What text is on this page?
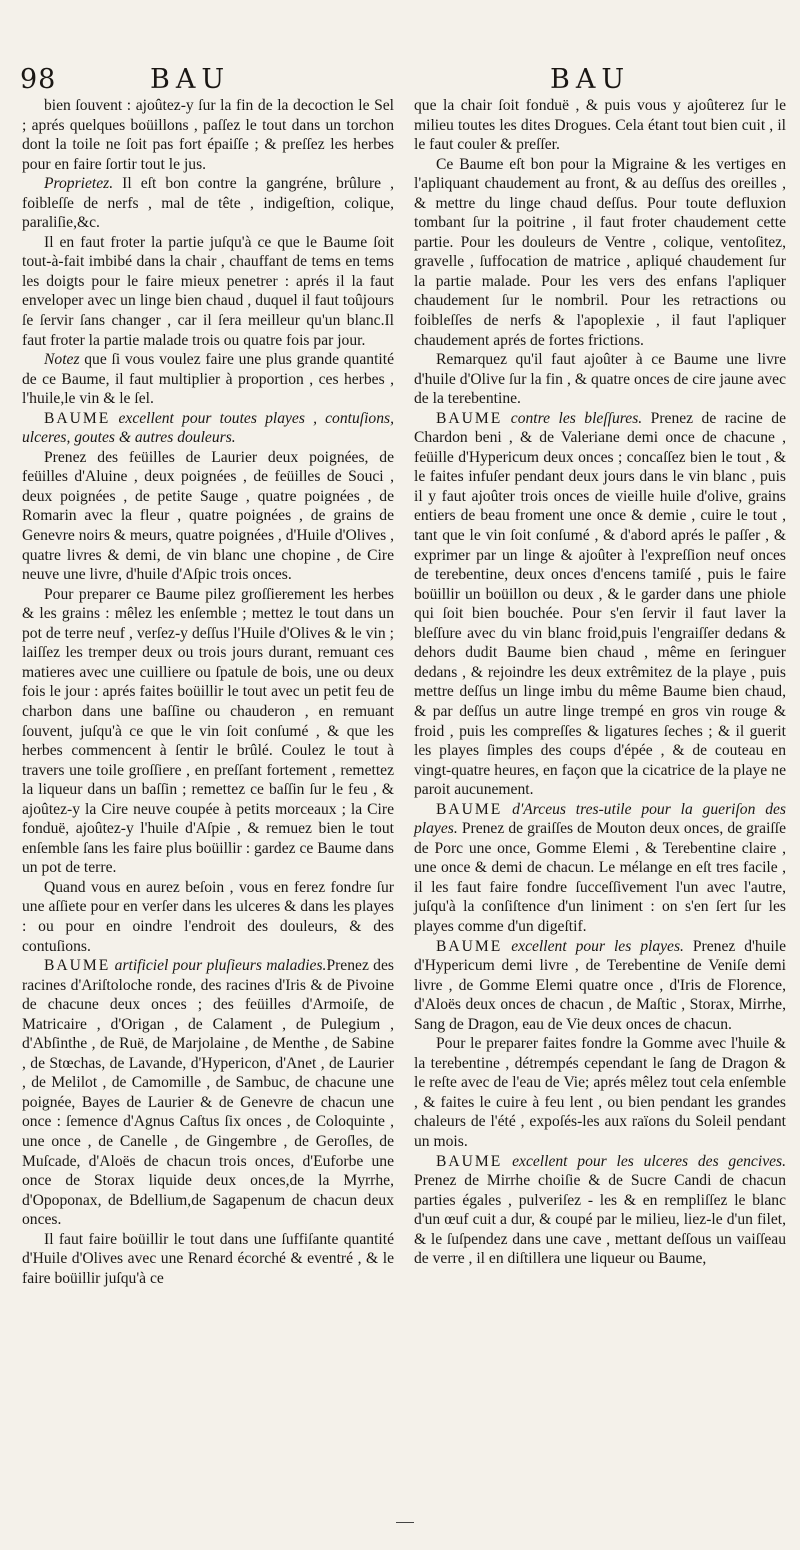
98	BAU	BAU

bien ſouvent : ajoûtez-y ſur la fin de la decoction le Sel ; aprés quelques boüillons , paſſez le tout dans un torchon dont la toile ne ſoit pas fort épaiſſe ; & preſſez les herbes pour en faire ſortir tout le jus.

Proprietez. Il eſt bon contre la gangréne, brûlure , foibleſſe de nerfs , mal de tête , indigeſtion, colique, paraliſie,&c.

Il en faut froter la partie juſqu'à ce que le Baume ſoit tout-à-fait imbibé dans la chair , chauffant de tems en tems les doigts pour le faire mieux penetrer : aprés il la faut enveloper avec un linge bien chaud , duquel il faut toûjours ſe ſervir ſans changer , car il ſera meilleur qu'un blanc.Il faut froter la partie malade trois ou quatre fois par jour.

Notez que ſi vous voulez faire une plus grande quantité de ce Baume, il faut multiplier à proportion , ces herbes , l'huile,le vin & le ſel.

BAUME excellent pour toutes playes , contuſions, ulceres, goutes & autres douleurs.

Prenez des feüilles de Laurier deux poignées, de feüilles d'Aluine , deux poignées , de feüilles de Souci , deux poignées , de petite Sauge , quatre poignées , de Romarin avec la fleur , quatre poignées , de grains de Genevre noirs & meurs, quatre poignées , d'Huile d'Olives , quatre livres & demi, de vin blanc une chopine , de Cire neuve une livre, d'huile d'Aſpic trois onces.

Pour preparer ce Baume pilez groſſierement les herbes & les grains : mêlez les enſemble ; mettez le tout dans un pot de terre neuf , verſez-y deſſus l'Huile d'Olives & le vin ; laiſſez les tremper deux ou trois jours durant, remuant ces matieres avec une cuilliere ou ſpatule de bois, une ou deux fois le jour : aprés faites boüillir le tout avec un petit feu de charbon dans une baſſine ou chauderon , en remuant ſouvent, juſqu'à ce que le vin ſoit conſumé , & que les herbes commencent à ſentir le brûlé. Coulez le tout à travers une toile groſſiere , en preſſant fortement , remettez la liqueur dans un baſſin ; remettez ce baſſin ſur le feu , & ajoûtez-y la Cire neuve coupée à petits morceaux ; la Cire fonduë, ajoûtez-y l'huile d'Aſpie , & remuez bien le tout enſemble ſans les faire plus boüillir : gardez ce Baume dans un pot de terre.

Quand vous en aurez beſoin , vous en ferez fondre ſur une aſſiete pour en verſer dans les ulceres & dans les playes : ou pour en oindre l'endroit des douleurs, & des contuſions.

BAUME artificiel pour pluſieurs maladies.Prenez des racines d'Ariſtoloche ronde, des racines d'Iris & de Pivoine de chacune deux onces ; des feüilles d'Armoiſe, de Matricaire , d'Origan , de Calament , de Pulegium , d'Abſinthe , de Ruë, de Marjolaine , de Menthe , de Sabine , de Stœchas, de Lavande, d'Hypericon, d'Anet , de Laurier , de Melilot , de Camomille , de Sambuc, de chacune une poignée, Bayes de Laurier & de Genevre de chacun une once : ſemence d'Agnus Caſtus ſix onces , de Coloquinte , une once , de Canelle , de Gingembre , de Geroſles, de Muſcade, d'Aloës de chacun trois onces, d'Euforbe une once de Storax liquide deux onces,de la Myrrhe, d'Opoponax, de Bdellium,de Sagapenum de chacun deux onces.

Il faut faire boüillir le tout dans une ſuffiſante quantité d'Huile d'Olives avec une Renard écorché & eventré , & le faire boüillir juſqu'à ce

que la chair ſoit fonduë , & puis vous y ajoûterez ſur le milieu toutes les dites Drogues. Cela étant tout bien cuit , il le faut couler & preſſer.

Ce Baume eſt bon pour la Migraine & les vertiges en l'apliquant chaudement au front, & au deſſus des oreilles , & mettre du linge chaud deſſus. Pour toute defluxion tombant ſur la poitrine , il faut froter chaudement cette partie. Pour les douleurs de Ventre , colique, ventoſitez, gravelle , ſuffocation de matrice , apliqué chaudement ſur la partie malade. Pour les vers des enfans l'apliquer chaudement ſur le nombril. Pour les retractions ou foibleſſes de nerfs & l'apoplexie , il faut l'apliquer chaudement aprés de fortes frictions.

Remarquez qu'il faut ajoûter à ce Baume une livre d'huile d'Olive ſur la fin , & quatre onces de cire jaune avec de la terebentine.

BAUME contre les bleſſures. Prenez de racine de Chardon beni , & de Valeriane demi once de chacune , feüille d'Hypericum deux onces ; concaſſez bien le tout , & le faites infuſer pendant deux jours dans le vin blanc , puis il y faut ajoûter trois onces de vieille huile d'olive, grains entiers de beau froment une once & demie , cuire le tout , tant que le vin ſoit conſumé , & d'abord aprés le paſſer , & exprimer par un linge & ajoûter à l'expreſſion neuf onces de terebentine, deux onces d'encens tamiſé , puis le faire boüillir un boüillon ou deux , & le garder dans une phiole qui ſoit bien bouchée. Pour s'en ſervir il faut laver la bleſſure avec du vin blanc froid,puis l'engraiſſer dedans & dehors dudit Baume bien chaud , même en ſeringuer dedans , & rejoindre les deux extrêmitez de la playe , puis mettre deſſus un linge imbu du même Baume bien chaud, & par deſſus un autre linge trempé en gros vin rouge & froid , puis les compreſſes & ligatures ſeches ; & il guerit les playes ſimples des coups d'épée , & de couteau en vingt-quatre heures, en façon que la cicatrice de la playe ne paroit aucunement.

BAUME d'Arceus tres-utile pour la gueriſon des playes. Prenez de graiſſes de Mouton deux onces, de graiſſe de Porc une once, Gomme Elemi , & Terebentine claire , une once & demi de chacun. Le mélange en eſt tres facile , il les faut faire fondre ſucceſſivement l'un avec l'autre, juſqu'à la conſiſtence d'un liniment : on s'en ſert ſur les playes comme d'un digeſtif.

BAUME excellent pour les playes. Prenez d'huile d'Hypericum demi livre , de Terebentine de Veniſe demi livre , de Gomme Elemi quatre once , d'Iris de Florence, d'Aloës deux onces de chacun , de Maſtic , Storax, Mirrhe, Sang de Dragon, eau de Vie deux onces de chacun.

Pour le preparer faites fondre la Gomme avec l'huile & la terebentine , détrempés cependant le ſang de Dragon & le reſte avec de l'eau de Vie; aprés mêlez tout cela enſemble , & faites le cuire à feu lent , ou bien pendant les grandes chaleurs de l'été , expoſés-les aux raïons du Soleil pendant un mois.

BAUME excellent pour les ulceres des gencives. Prenez de Mirrhe choiſie & de Sucre Candi de chacun parties égales , pulveriſez - les & en rempliſſez le blanc d'un œuf cuit a dur, & coupé par le milieu, liez-le d'un filet, & le ſuſpendez dans une cave , mettant deſſous un vaiſſeau de verre , il en diſtillera une liqueur ou Baume,
